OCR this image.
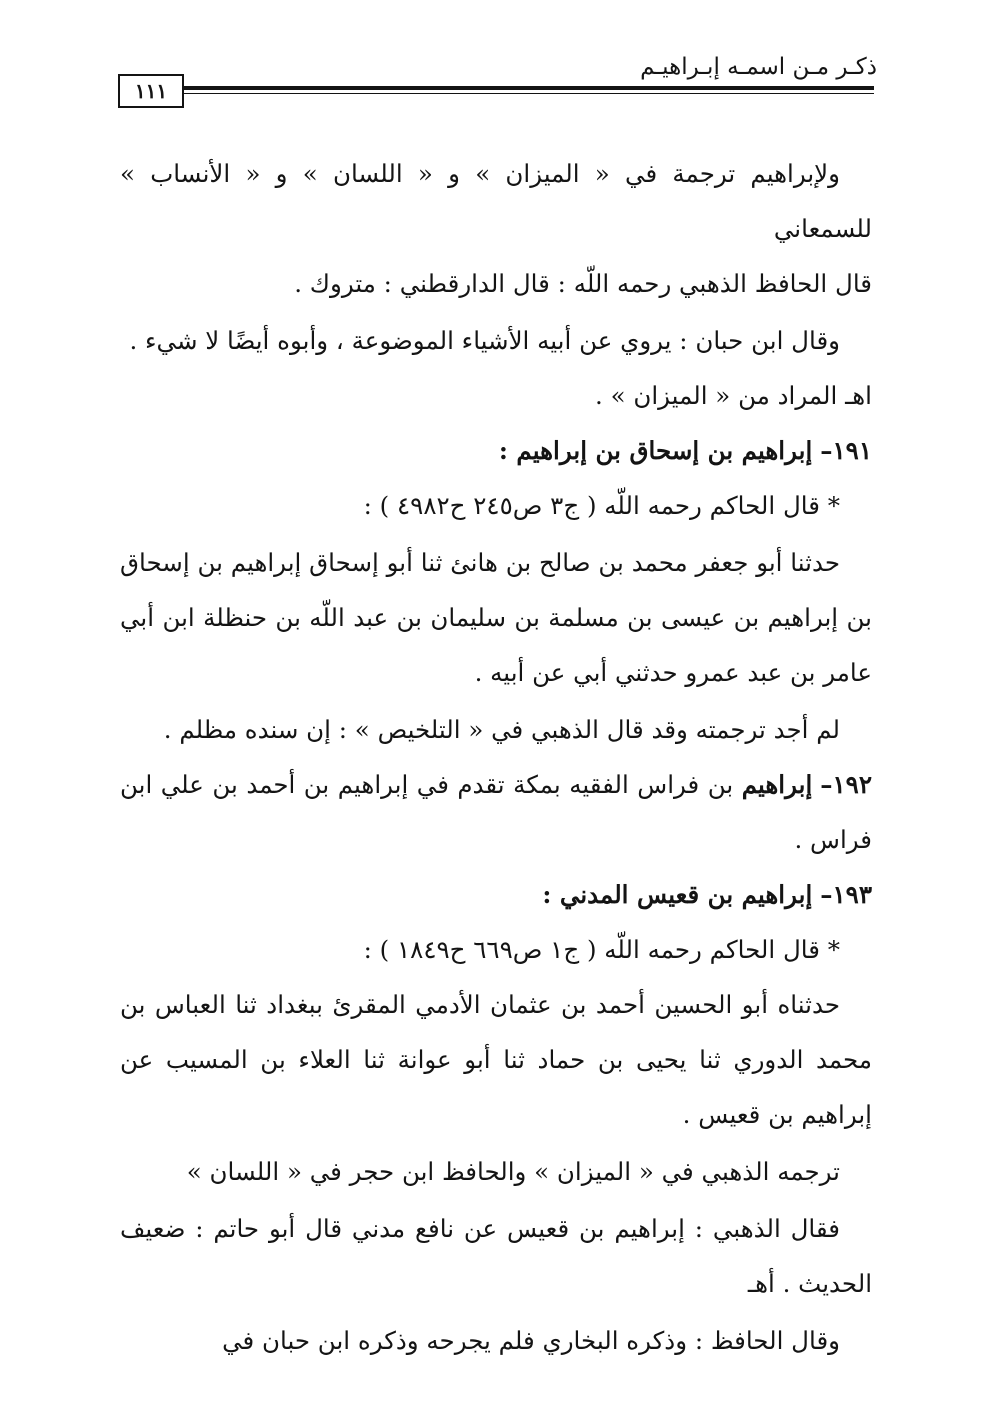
ذكـر مـن اسمـه إبـراهيـم
١١١

ولإبراهيم ترجمة في « الميزان » و « اللسان » و « الأنساب » للسمعاني

قال الحافظ الذهبي رحمه اللّه : قال الدارقطني : متروك .

وقال ابن حبان : يروي عن أبيه الأشياء الموضوعة ، وأبوه أيضًا لا شيء .

اهـ المراد من « الميزان » .

١٩١–إبراهيم بن إسحاق بن إبراهيم :

* قال الحاكم رحمه اللّه ( ج٣ ص٢٤٥ ح٤٩٨٢ ) :

حدثنا أبو جعفر محمد بن صالح بن هانئ ثنا أبو إسحاق إبراهيم بن إسحاق بن إبراهيم بن عيسى بن مسلمة بن سليمان بن عبد اللّه بن حنظلة ابن أبي عامر بن عبد عمرو حدثني أبي عن أبيه .

لم أجد ترجمته وقد قال الذهبي في « التلخيص » : إن سنده مظلم .

١٩٢–إبراهيم بن فراس الفقيه بمكة تقدم في إبراهيم بن أحمد بن علي ابن فراس .

١٩٣–إبراهيم بن قعيس المدني :

* قال الحاكم رحمه اللّه ( ج١ ص٦٦٩ ح١٨٤٩ ) :

حدثناه أبو الحسين أحمد بن عثمان الأدمي المقرئ ببغداد ثنا العباس بن محمد الدوري ثنا يحيى بن حماد ثنا أبو عوانة ثنا العلاء بن المسيب عن إبراهيم بن قعيس .

ترجمه الذهبي في « الميزان » والحافظ ابن حجر في « اللسان »

فقال الذهبي : إبراهيم بن قعيس عن نافع مدني قال أبو حاتم : ضعيف الحديث . أهـ

وقال الحافظ : وذكره البخاري فلم يجرحه وذكره ابن حبان في
